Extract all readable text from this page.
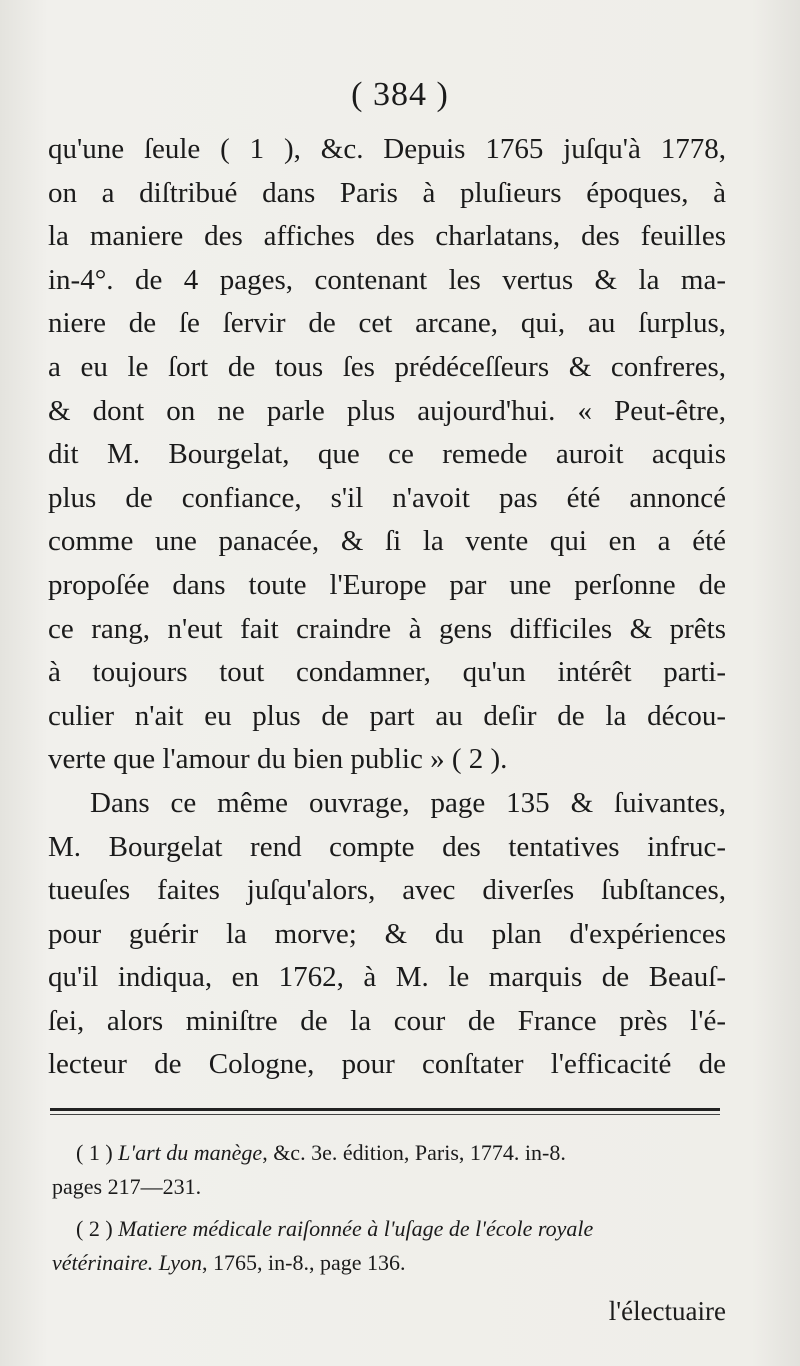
( 384 )
qu'une ſeule ( 1 ), &c. Depuis 1765 juſqu'à 1778,
on a diſtribué dans Paris à pluſieurs époques, à
la maniere des affiches des charlatans, des feuilles
in-4°. de 4 pages, contenant les vertus & la ma-
niere de ſe ſervir de cet arcane, qui, au ſurplus,
a eu le ſort de tous ſes prédéceſſeurs & confreres,
& dont on ne parle plus aujourd'hui. « Peut-être,
dit M. Bourgelat, que ce remede auroit acquis
plus de confiance, s'il n'avoit pas été annoncé
comme une panacée, & ſi la vente qui en a été
propoſée dans toute l'Europe par une perſonne de
ce rang, n'eut fait craindre à gens difficiles & prêts
à toujours tout condamner, qu'un intérêt parti-
culier n'ait eu plus de part au deſir de la décou-
verte que l'amour du bien public » ( 2 ).
Dans ce même ouvrage, page 135 & ſuivantes,
M. Bourgelat rend compte des tentatives infruc-
tueuſes faites juſqu'alors, avec diverſes ſubſtances,
pour guérir la morve; & du plan d'expériences
qu'il indiqua, en 1762, à M. le marquis de Beauſ-
ſei, alors miniſtre de la cour de France près l'é-
lecteur de Cologne, pour conſtater l'efficacité de
( 1 ) L'art du manège, &c. 3e. édition, Paris, 1774. in-8.
pages 217—231.
( 2 ) Matiere médicale raiſonnée à l'uſage de l'école royale
vétérinaire. Lyon, 1765, in-8., page 136.
l'électuaire
